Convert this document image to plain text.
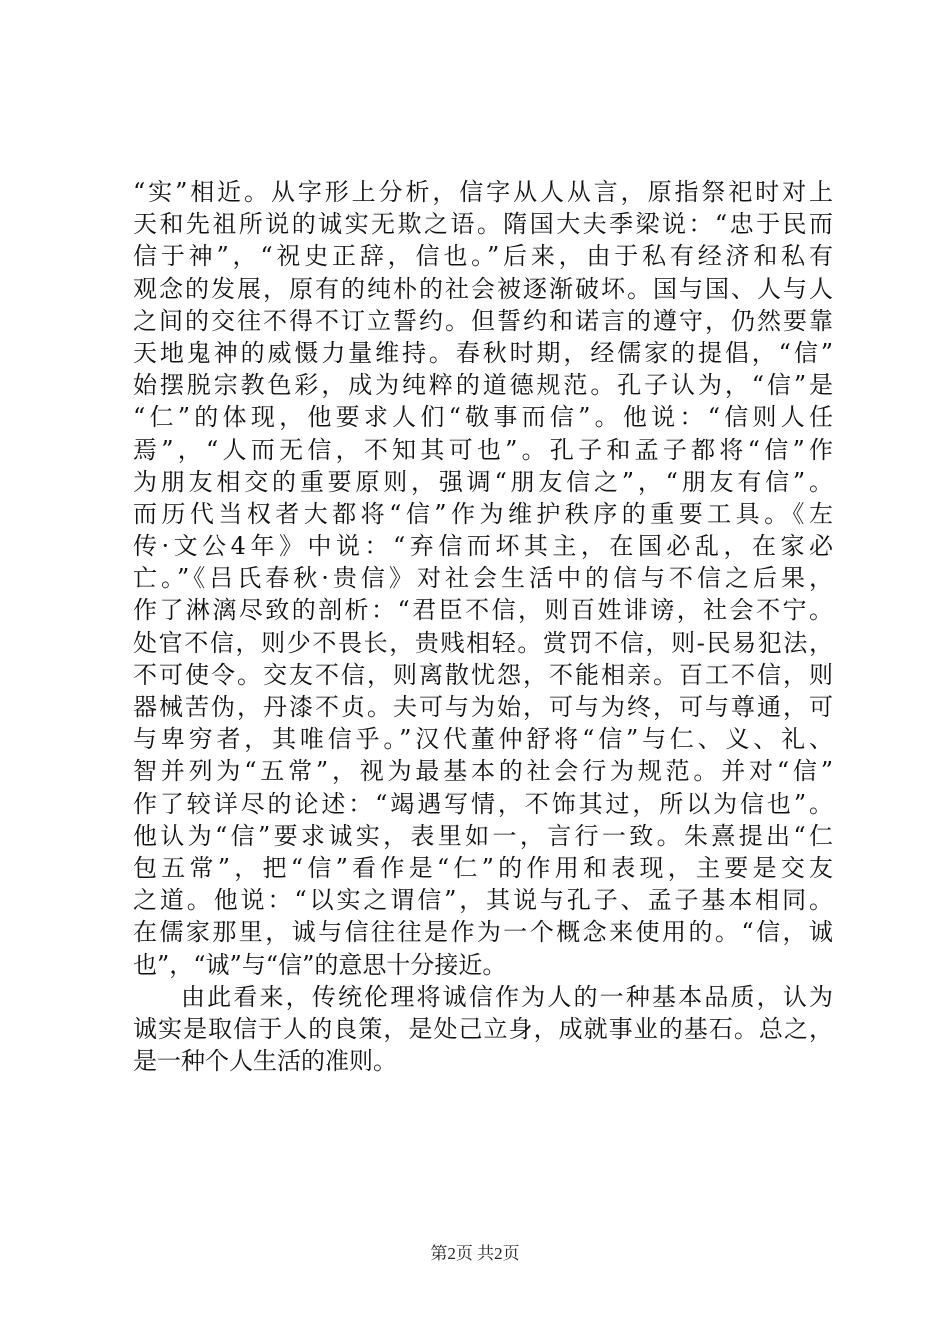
“实”相近。从字形上分析，信字从人从言，原指祭祀时对上
天和先祖所说的诚实无欺之语。隋国大夫季梁说：“忠于民而
信于神”，“祝史正辞，信也。”后来，由于私有经济和私有
观念的发展，原有的纯朴的社会被逐渐破坏。国与国、人与人
之间的交往不得不订立誓约。但誓约和诺言的遵守，仍然要靠
天地鬼神的威慑力量维持。春秋时期，经儒家的提倡，“信”
始摆脱宗教色彩，成为纯粹的道德规范。孔子认为，“信”是
“仁”的体现，他要求人们“敬事而信”。他说：“信则人任
焉”，“人而无信，不知其可也”。孔子和孟子都将“信”作
为朋友相交的重要原则，强调“朋友信之”，“朋友有信”。
而历代当权者大都将“信”作为维护秩序的重要工具。《左
传·文公4年》中说：“弃信而坏其主，在国必乱，在家必
亡。”《吕氏春秋·贵信》对社会生活中的信与不信之后果，
作了淋漓尽致的剖析：“君臣不信，则百姓诽谤，社会不宁。
处官不信，则少不畏长，贵贱相轻。赏罚不信，则-民易犯法，
不可使令。交友不信，则离散忧怨，不能相亲。百工不信，则
器械苦伪，丹漆不贞。夫可与为始，可与为终，可与尊通，可
与卑穷者，其唯信乎。”汉代董仲舒将“信”与仁、义、礼、
智并列为“五常”，视为最基本的社会行为规范。并对“信”
作了较详尽的论述：“竭遇写情，不饰其过，所以为信也”。
他认为“信”要求诚实，表里如一，言行一致。朱熹提出“仁
包五常”，把“信”看作是“仁”的作用和表现，主要是交友
之道。他说：“以实之谓信”，其说与孔子、孟子基本相同。
在儒家那里，诚与信往往是作为一个概念来使用的。“信，诚
也”，“诚”与“信”的意思十分接近。
由此看来，传统伦理将诚信作为人的一种基本品质，认为
诚实是取信于人的良策，是处己立身，成就事业的基石。总之，
是一种个人生活的准则。
第2页 共2页
